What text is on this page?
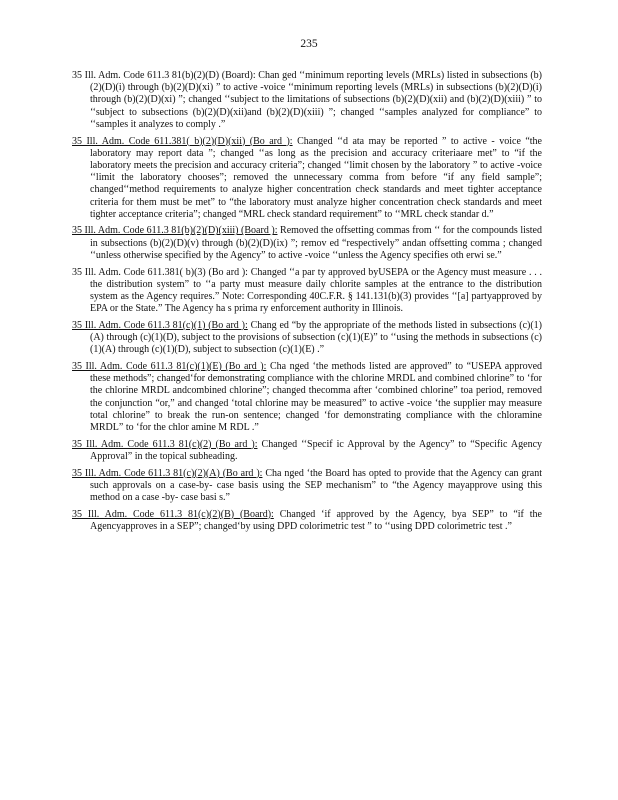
235
35 Ill. Adm. Code 611.3 81(b)(2)(D) (Board): Chan ged ‘‘minimum reporting levels (MRLs) listed in subsections (b)(2)(D)(i) through (b)(2)(D)(xi) ” to active -voice ‘‘minimum reporting levels (MRLs) in subsections (b)(2)(D)(i) through (b)(2)(D)(xi) ”; changed ‘‘subject to the limitations of subsections (b)(2)(D)(xii) and (b)(2)(D)(xiii) ” to ‘‘subject to subsections (b)(2)(D)(xii)and (b)(2)(D)(xiii) ”; changed ‘‘samples analyzed for compliance” to ‘‘samples it analyzes to comply .”
35 Ill. Adm. Code 611.381( b)(2)(D)(xii) (Bo ard ): Changed ‘‘d ata may be reported ” to active - voice “the laboratory may report data ”; changed ‘‘as long as the precision and accuracy criteriaare met” to “if the laboratory meets the precision and accuracy criteria”; changed ‘‘limit chosen by the laboratory ” to active -voice ‘‘limit the laboratory chooses”; removed the unnecessary comma from before “if any field sample”; changed‘‘method requirements to analyze higher concentration check standards and meet tighter acceptance criteria for them must be met” to “the laboratory must analyze higher concentration check standards and meet tighter acceptance criteria”; changed “MRL check standard requirement” to ‘‘MRL check standar d.”
35 Ill. Adm. Code 611.3 81(b)(2)(D)(xiii) (Board ): Removed the offsetting commas from ‘‘ for the compounds listed in subsections (b)(2)(D)(v) through (b)(2)(D)(ix) ”; remov ed “respectively” andan offsetting comma ; changed ‘‘unless otherwise specified by the Agency” to active -voice ‘‘unless the Agency specifies oth erwi se.”
35 Ill. Adm. Code 611.381( b)(3) (Bo ard ): Changed ‘‘a par ty approved byUSEPA or the Agency must measure . . . the distribution system” to ‘‘a party must measure daily chlorite samples at the entrance to the distribution system as the Agency requires.” Note: Corresponding 40C.F.R. § 141.131(b)(3) provides ‘‘[a] partyapproved by EPA or the State.” The Agency ha s prima ry enforcement authority in Illinois.
35 Ill. Adm. Code 611.3 81(c)(1) (Bo ard ): Chang ed “by the appropriate of the methods listed in subsections (c)(1)(A) through (c)(1)(D), subject to the provisions of subsection (c)(1)(E)” to ‘‘using the methods in subsections (c)(1)(A) through (c)(1)(D), subject to subsection (c)(1)(E) .”
35 Ill. Adm. Code 611.3 81(c)(1)(E) (Bo ard ): Cha nged ‘the methods listed are approved” to “USEPA approved these methods”; changed‘for demonstrating compliance with the chlorine MRDL and combined chlorine” to ‘for the chlorine MRDL andcombined chlorine”; changed thecomma after ‘combined chlorine” toa period, removed the conjunction “or,” and changed ‘total chlorine may be measured” to active -voice ‘the supplier may measure total chlorine” to break the run-on sentence; changed ‘for demonstrating compliance with the chloramine MRDL” to ‘for the chlor amine M RDL .”
35 Ill. Adm. Code 611.3 81(c)(2) (Bo ard ): Changed ‘‘Specif ic Approval by the Agency” to “Specific Agency Approval” in the topical subheading.
35 Ill. Adm. Code 611.3 81(c)(2)(A) (Bo ard ): Cha nged ‘the Board has opted to provide that the Agency can grant such approvals on a case-by- case basis using the SEP mechanism” to “the Agency mayapprove using this method on a case -by- case basi s.”
35 Ill. Adm. Code 611.3 81(c)(2)(B) (Board): Changed ‘if approved by the Agency, bya SEP” to “if the Agencyapproves in a SEP”; changed‘by using DPD colorimetric test ” to ‘‘using DPD colorimetric test .”
